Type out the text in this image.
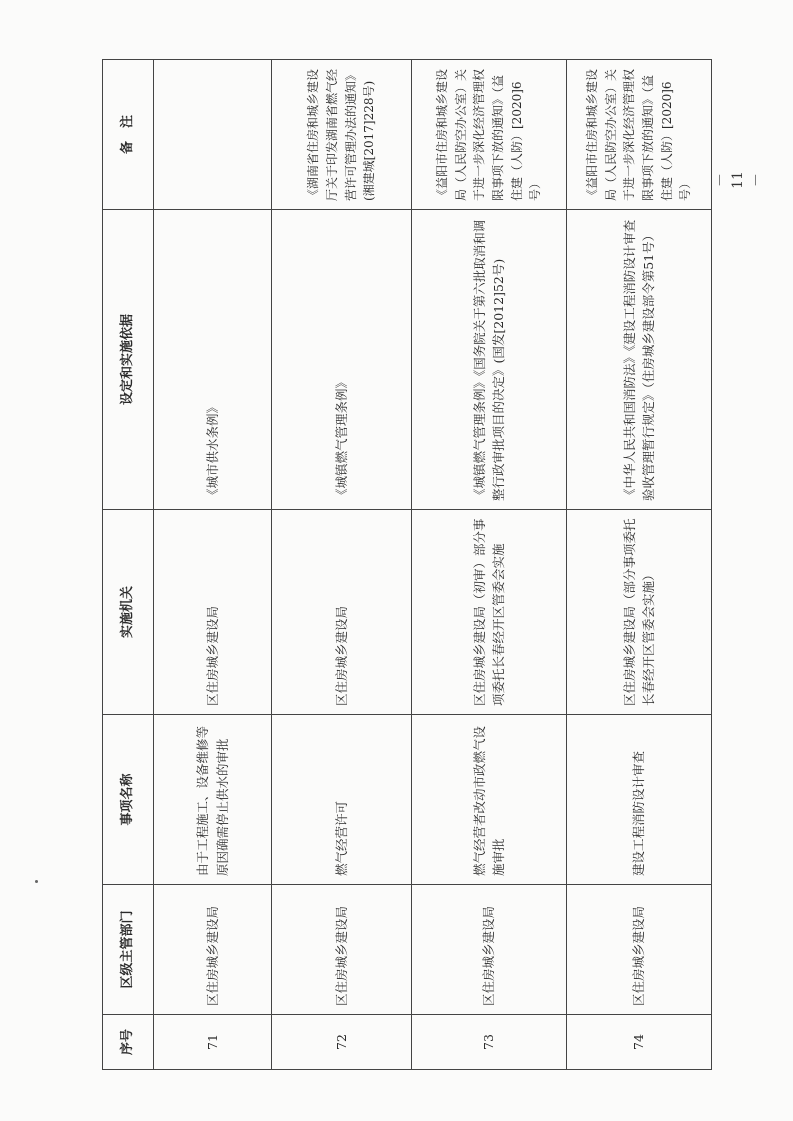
序号	区级主管部门	事项名称	实施机关	设定和实施依据	备　注
71	区住房城乡建设局	由于工程施工、设备维修等原因确需停止供水的审批	区住房城乡建设局	《城市供水条例》	
72	区住房城乡建设局	燃气经营许可	区住房城乡建设局	《城镇燃气管理条例》	《湖南省住房和城乡建设厅关于印发湖南省燃气经营许可管理办法的通知》(湘建城[2017]228号)
73	区住房城乡建设局	燃气经营者改动市政燃气设施审批	区住房城乡建设局（初审）部分事项委托长春经开区管委会实施	《城镇燃气管理条例》《国务院关于第六批取消和调整行政审批项目的决定》(国发[2012]52号)	《益阳市住房和城乡建设局（人民防空办公室）关于进一步深化经济管理权限事项下放的通知》（益住建（人防）[2020]6号）
74	区住房城乡建设局	建设工程消防设计审查	区住房城乡建设局（部分事项委托长春经开区管委会实施）	《中华人民共和国消防法》《建设工程消防设计审查验收管理暂行规定》（住房城乡建设部令第51号）	《益阳市住房和城乡建设局（人民防空办公室）关于进一步深化经济管理权限事项下放的通知》（益住建（人防）[2020]6号） － 11 －
